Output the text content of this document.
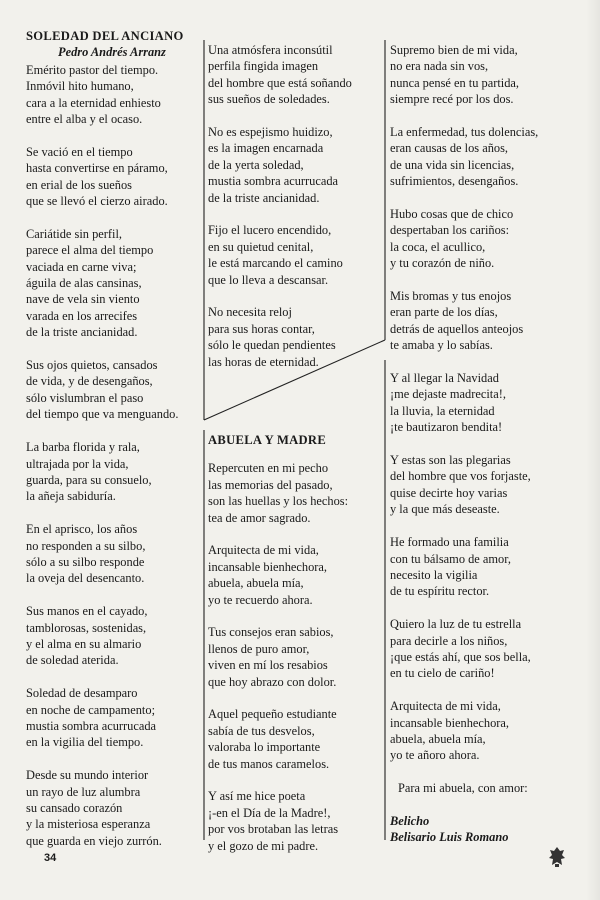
SOLEDAD DEL ANCIANO
Pedro Andrés Arranz
Emérito pastor del tiempo.
Inmóvil hito humano,
cara a la eternidad enhiesto
entre el alba y el ocaso.
Se vació en el tiempo
hasta convertirse en páramo,
en erial de los sueños
que se llevó el cierzo airado.
Cariátide sin perfil,
parece el alma del tiempo
vaciada en carne viva;
águila de alas cansinas,
nave de vela sin viento
varada en los arrecifes
de la triste ancianidad.
Sus ojos quietos, cansados
de vida, y de desengaños,
sólo vislumbran el paso
del tiempo que va menguando.
La barba florida y rala,
ultrajada por la vida,
guarda, para su consuelo,
la añeja sabiduría.
En el aprisco, los años
no responden a su silbo,
sólo a su silbo responde
la oveja del desencanto.
Sus manos en el cayado,
tamblorosas, sostenidas,
y el alma en su almario
de soledad aterida.
Soledad de desamparo
en noche de campamento;
mustia sombra acurrucada
en la vigilia del tiempo.
Desde su mundo interior
un rayo de luz alumbra
su cansado corazón
y la misteriosa esperanza
que guarda en viejo zurrón.
Una atmósfera inconsútil
perfila fingida imagen
del hombre que está soñando
sus sueños de soledades.
No es espejismo huidizo,
es la imagen encarnada
de la yerta soledad,
mustia sombra acurrucada
de la triste ancianidad.
Fijo el lucero encendido,
en su quietud cenital,
le está marcando el camino
que lo lleva a descansar.
No necesita reloj
para sus horas contar,
sólo le quedan pendientes
las horas de eternidad.
ABUELA Y MADRE
Repercuten en mi pecho
las memorias del pasado,
son las huellas y los hechos:
tea de amor sagrado.
Arquitecta de mi vida,
incansable bienhechora,
abuela, abuela mía,
yo te recuerdo ahora.
Tus consejos eran sabios,
llenos de puro amor,
viven en mí los resabios
que hoy abrazo con dolor.
Aquel pequeño estudiante
sabía de tus desvelos,
valoraba lo importante
de tus manos caramelos.
Y así me hice poeta
¡-en el Día de la Madre!,
por vos brotaban las letras
y el gozo de mi padre.
Supremo bien de mi vida,
no era nada sin vos,
nunca pensé en tu partida,
siempre recé por los dos.
La enfermedad, tus dolencias,
eran causas de los años,
de una vida sin licencias,
sufrimientos, desengaños.
Hubo cosas que de chico
despertaban los cariños:
la coca, el acullico,
y tu corazón de niño.
Mis bromas y tus enojos
eran parte de los días,
detrás de aquellos anteojos
te amaba y lo sabías.
Y al llegar la Navidad
¡me dejaste madrecita!,
la lluvia, la eternidad
¡te bautizaron bendita!
Y estas son las plegarias
del hombre que vos forjaste,
quise decirte hoy varias
y la que más deseaste.
He formado una familia
con tu bálsamo de amor,
necesito la vigilia
de tu espíritu rector.
Quiero la luz de tu estrella
para decirle a los niños,
¡que estás ahí, que sos bella,
en tu cielo de cariño!
Arquitecta de mi vida,
incansable bienhechora,
abuela, abuela mía,
yo te añoro ahora.
Para mi abuela, con amor:
Belicho
Belisario Luis Romano
34
